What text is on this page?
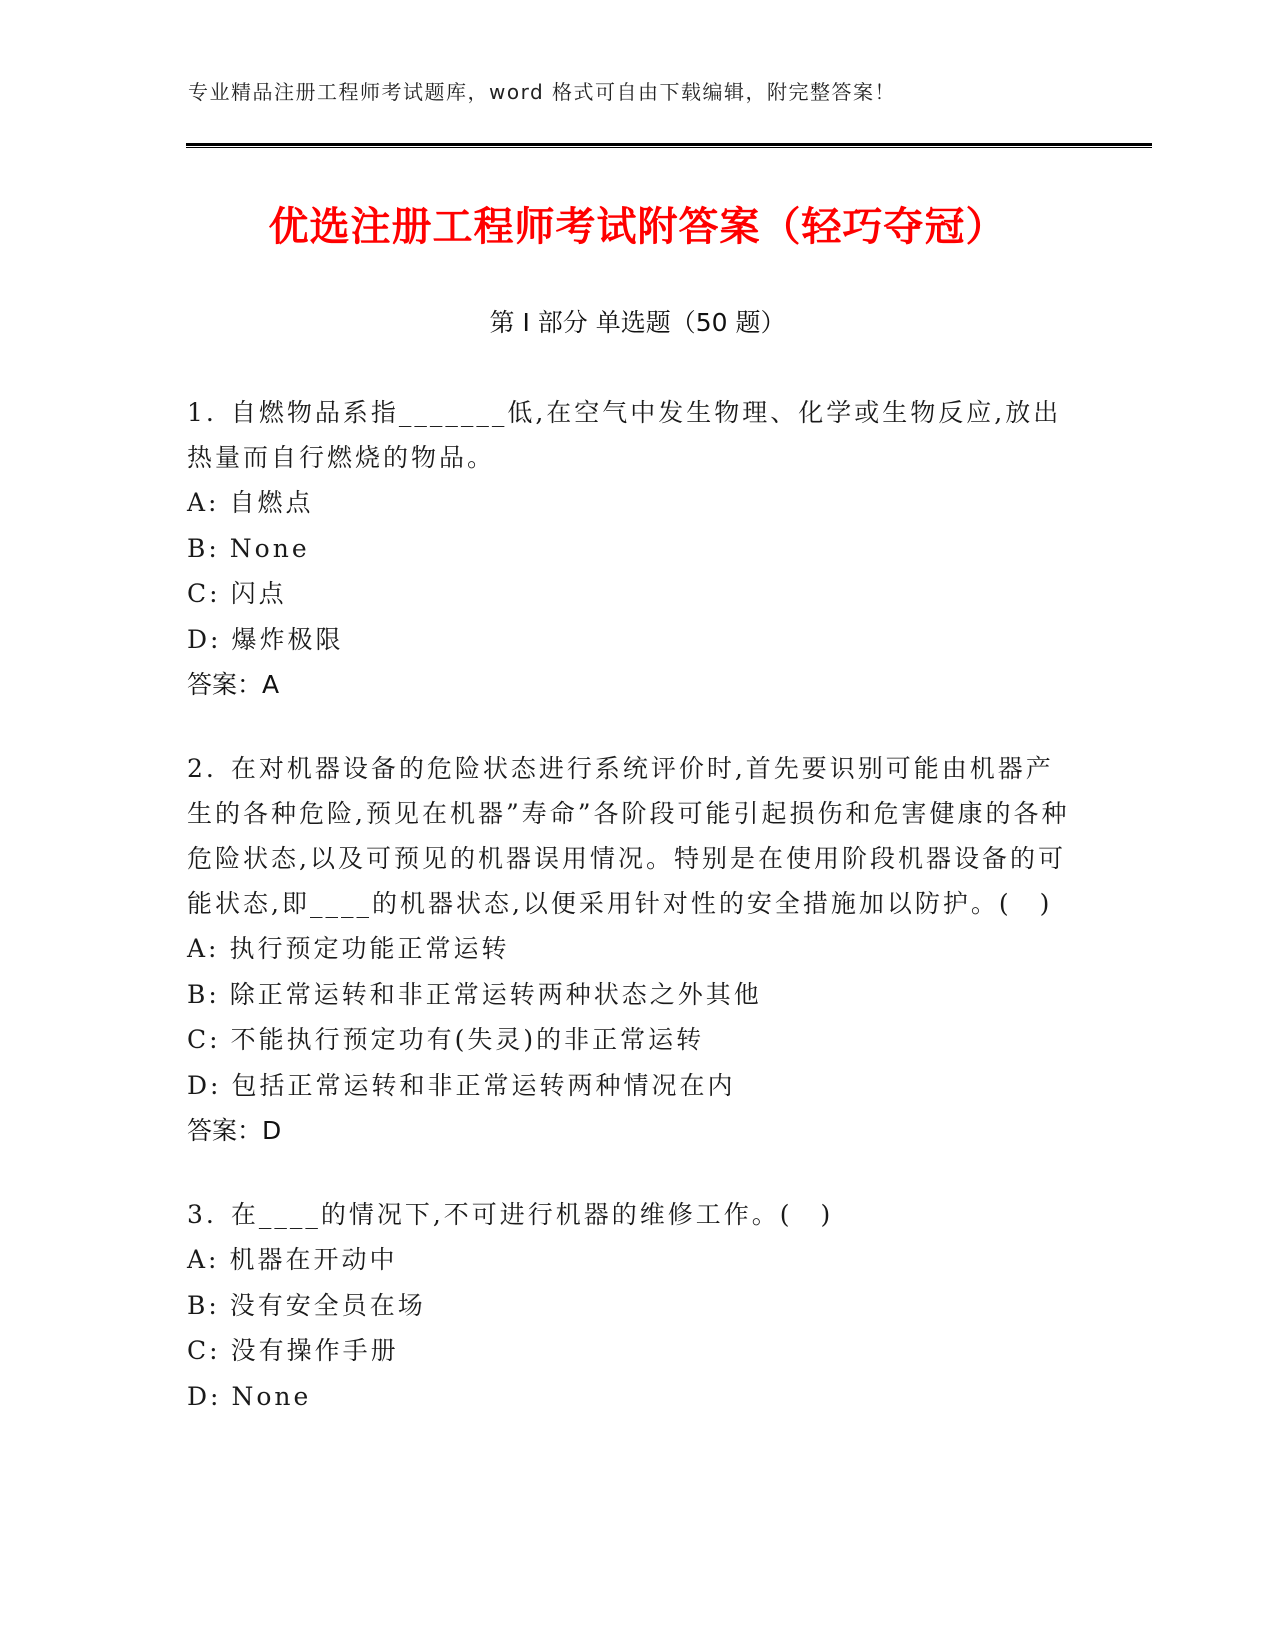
专业精品注册工程师考试题库，word 格式可自由下载编辑，附完整答案！
优选注册工程师考试附答案（轻巧夺冠）
第 I 部分 单选题（50 题）

1. 自燃物品系指_______低,在空气中发生物理、化学或生物反应,放出热量而自行燃烧的物品。

A: 自燃点

B: None

C: 闪点

D: 爆炸极限

答案：A

2. 在对机器设备的危险状态进行系统评价时,首先要识别可能由机器产生的各种危险,预见在机器”寿命”各阶段可能引起损伤和危害健康的各种危险状态,以及可预见的机器误用情况。特别是在使用阶段机器设备的可能状态,即____的机器状态,以便采用针对性的安全措施加以防护。(　)

A: 执行预定功能正常运转

B: 除正常运转和非正常运转两种状态之外其他

C: 不能执行预定功有(失灵)的非正常运转

D: 包括正常运转和非正常运转两种情况在内

答案：D

3. 在____的情况下,不可进行机器的维修工作。(　)

A: 机器在开动中

B: 没有安全员在场

C: 没有操作手册

D: None
